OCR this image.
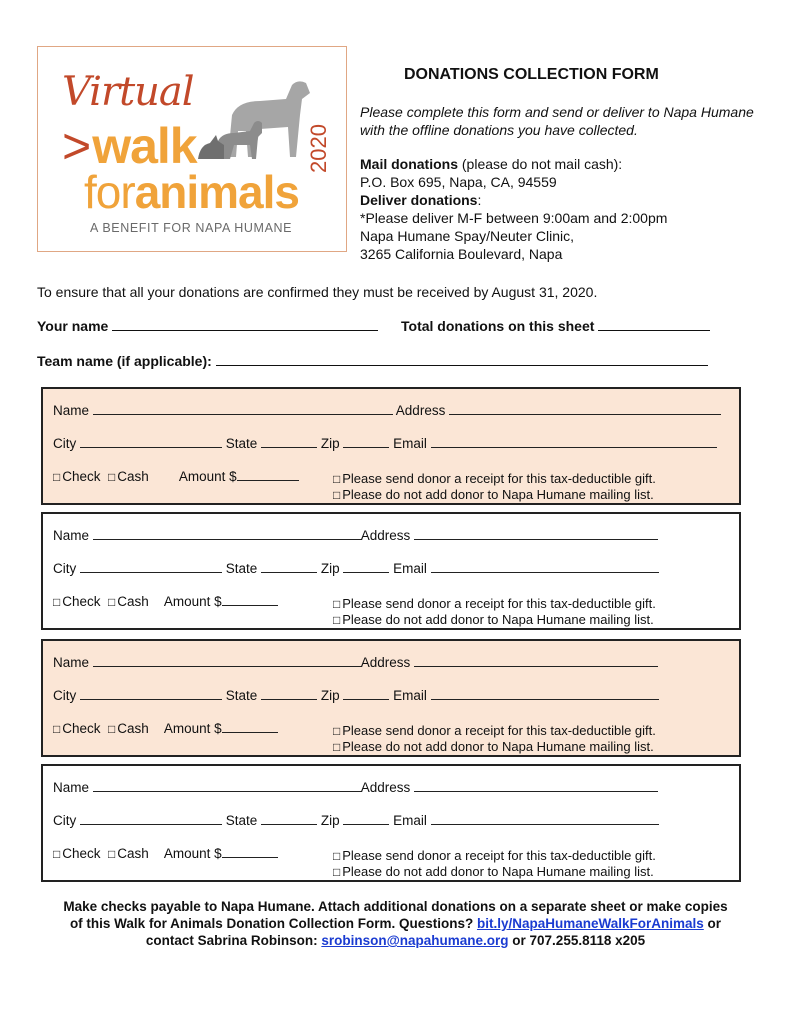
Virtual
>walk
foranimals
2020
A BENEFIT FOR NAPA HUMANE
DONATIONS COLLECTION FORM
Please complete this form and send or deliver to Napa Humane with the offline donations you have collected.
Mail donations (please do not mail cash):
P.O. Box 695, Napa, CA, 94559
Deliver donations:
*Please deliver M-F between 9:00am and 2:00pm
Napa Humane Spay/Neuter Clinic,
3265 California Boulevard, Napa
To ensure that all your donations are confirmed they must be received by August 31, 2020.
Your name	Total donations on this sheet
Team name (if applicable):
Name	Address
City	State	Zip	Email
□ Check □ Cash Amount $	□ Please send donor a receipt for this tax-deductible gift.
□ Please do not add donor to Napa Humane mailing list.
Name	Address
City	State	Zip	Email
□ Check □ Cash Amount $	□ Please send donor a receipt for this tax-deductible gift.
□ Please do not add donor to Napa Humane mailing list.
Name	Address
City	State	Zip	Email
□ Check □ Cash Amount $	□ Please send donor a receipt for this tax-deductible gift.
□ Please do not add donor to Napa Humane mailing list.
Name	Address
City	State	Zip	Email
□ Check □ Cash Amount $	□ Please send donor a receipt for this tax-deductible gift.
□ Please do not add donor to Napa Humane mailing list.
Make checks payable to Napa Humane. Attach additional donations on a separate sheet or make copies
of this Walk for Animals Donation Collection Form. Questions? bit.ly/NapaHumaneWalkForAnimals or
contact Sabrina Robinson: srobinson@napahumane.org or 707.255.8118 x205
